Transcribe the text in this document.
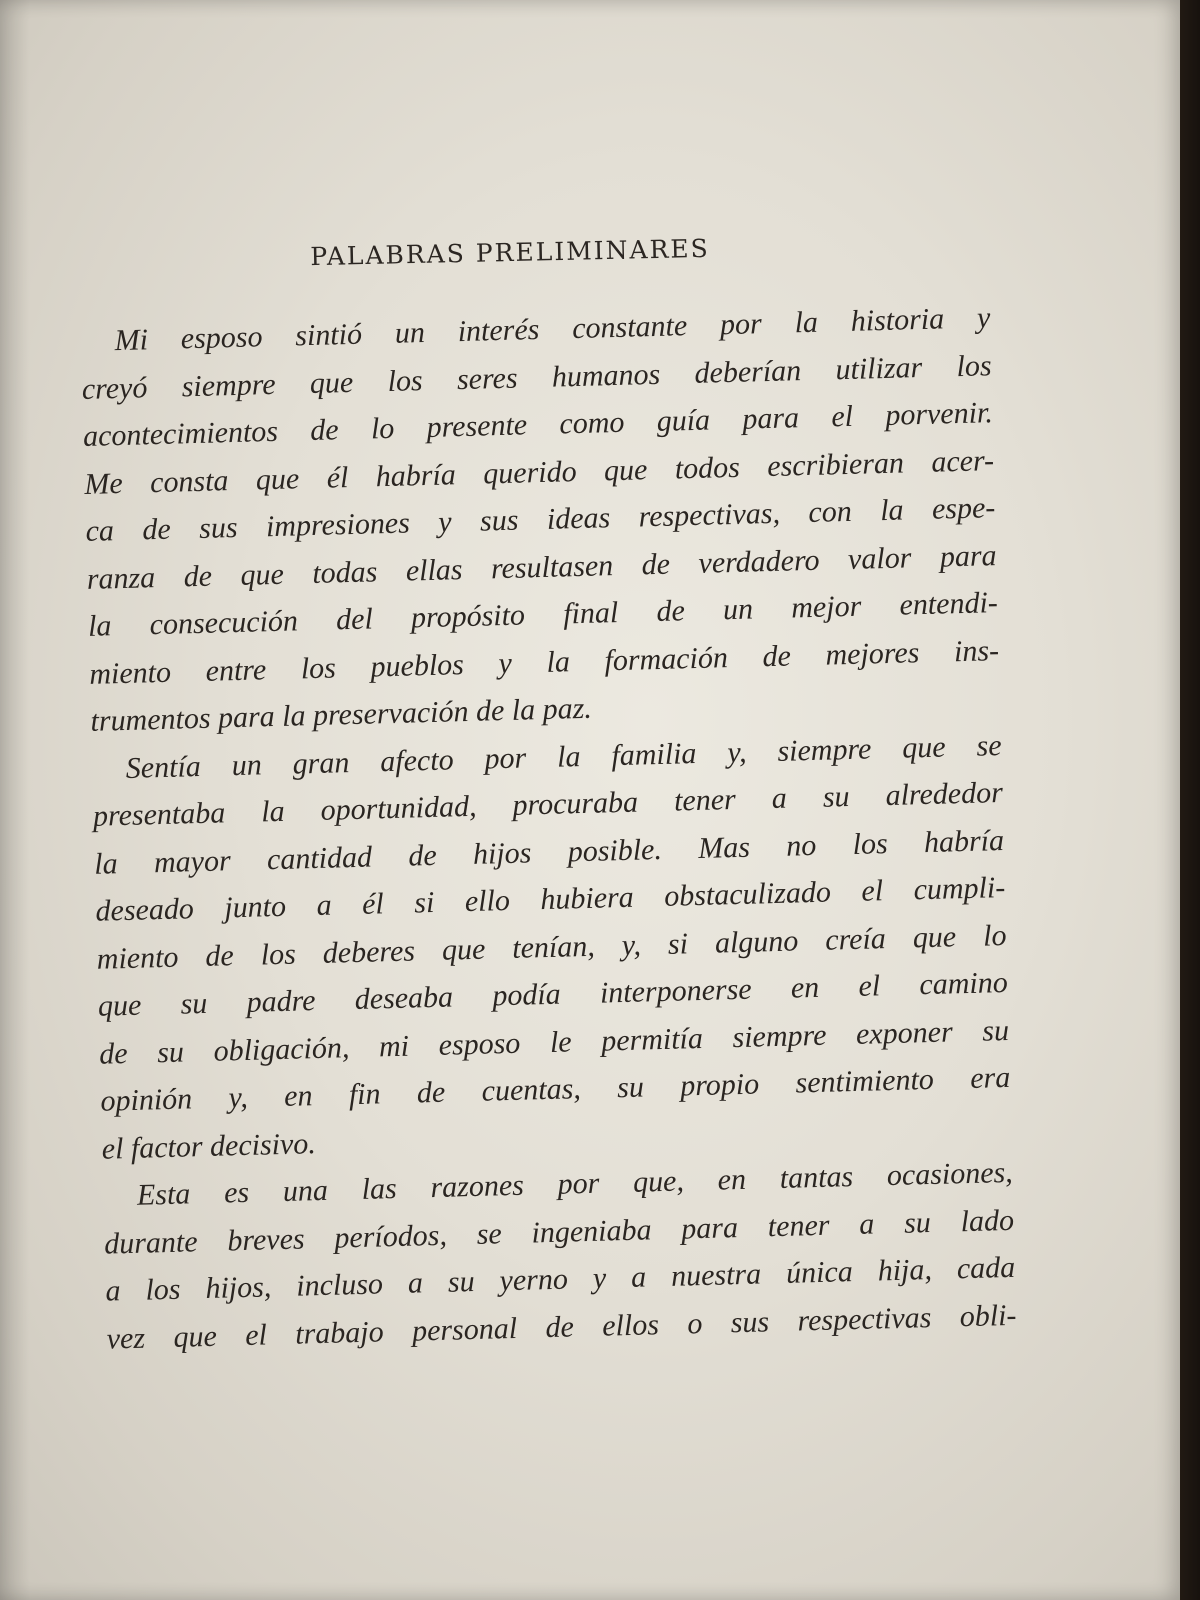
PALABRAS PRELIMINARES
Mi esposo sintió un interés constante por la historia y
creyó siempre que los seres humanos deberían utilizar los
acontecimientos de lo presente como guía para el porvenir.
Me consta que él habría querido que todos escribieran acer-
ca de sus impresiones y sus ideas respectivas, con la espe-
ranza de que todas ellas resultasen de verdadero valor para
la consecución del propósito final de un mejor entendi-
miento entre los pueblos y la formación de mejores ins-
trumentos para la preservación de la paz.
Sentía un gran afecto por la familia y, siempre que se
presentaba la oportunidad, procuraba tener a su alrededor
la mayor cantidad de hijos posible. Mas no los habría
deseado junto a él si ello hubiera obstaculizado el cumpli-
miento de los deberes que tenían, y, si alguno creía que lo
que su padre deseaba podía interponerse en el camino
de su obligación, mi esposo le permitía siempre exponer su
opinión y, en fin de cuentas, su propio sentimiento era
el factor decisivo.
Esta es una las razones por que, en tantas ocasiones,
durante breves períodos, se ingeniaba para tener a su lado
a los hijos, incluso a su yerno y a nuestra única hija, cada
vez que el trabajo personal de ellos o sus respectivas obli-
